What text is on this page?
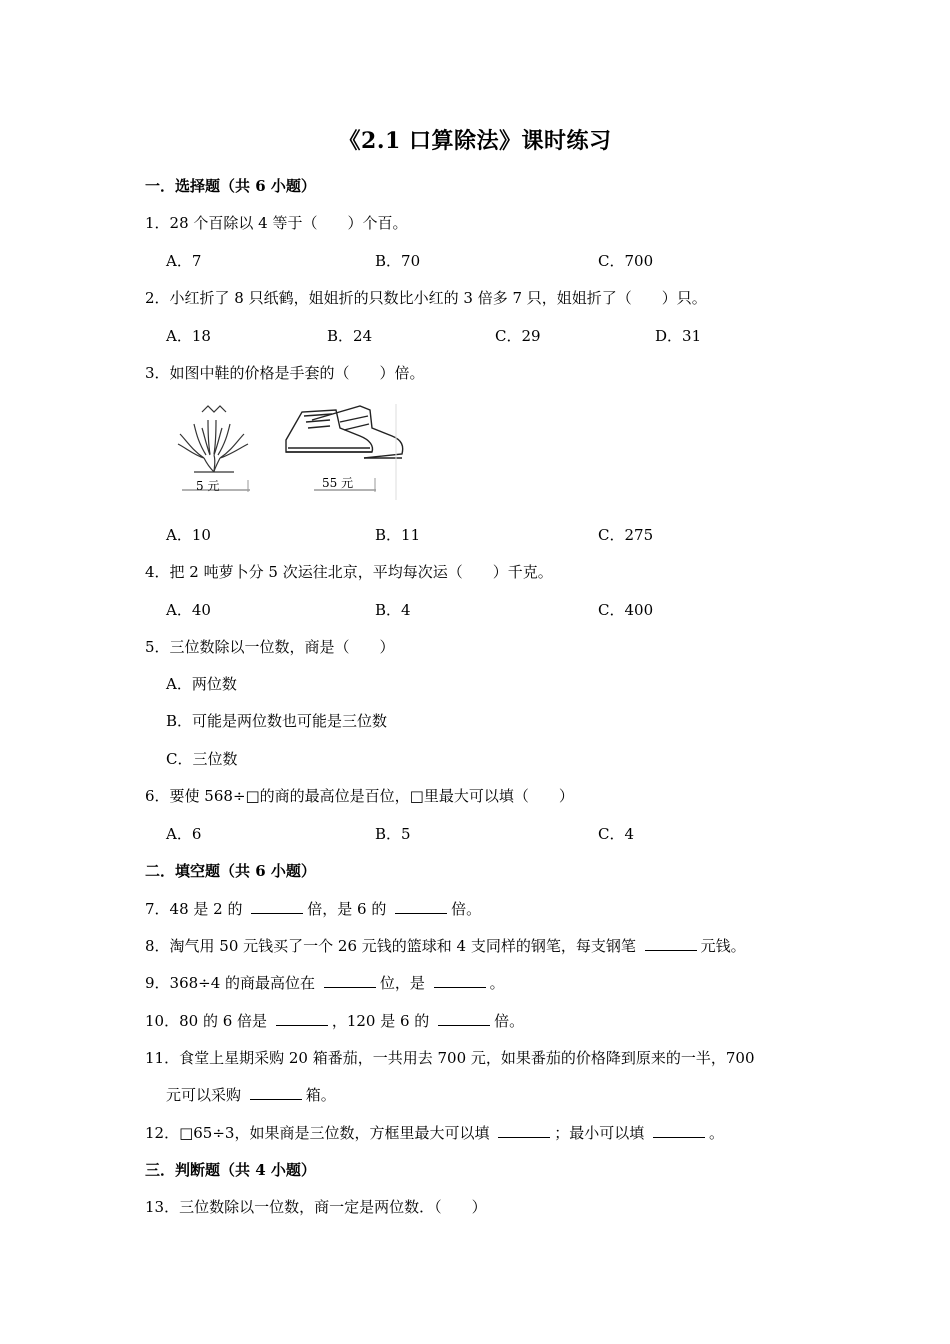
《2.1 口算除法》课时练习
一．选择题（共 6 小题）
1．28 个百除以 4 等于（　　）个百。
A．7	B．70	C．700
2．小红折了 8 只纸鹤，姐姐折的只数比小红的 3 倍多 7 只，姐姐折了（　　）只。
A．18	B．24	C．29	D．31
3．如图中鞋的价格是手套的（　　）倍。
5 元	55 元
A．10	B．11	C．275
4．把 2 吨萝卜分 5 次运往北京，平均每次运（　　）千克。
A．40	B．4	C．400
5．三位数除以一位数，商是（　　）
A．两位数
B．可能是两位数也可能是三位数
C．三位数
6．要使 568÷□的商的最高位是百位，□里最大可以填（　　）
A．6	B．5	C．4
二．填空题（共 6 小题）
7．48 是 2 的	倍，是 6 的	倍。
8．淘气用 50 元钱买了一个 26 元钱的篮球和 4 支同样的钢笔，每支钢笔	元钱。
9．368÷4 的商最高位在	位，是	。
10．80 的 6 倍是	，120 是 6 的	倍。
11．食堂上星期采购 20 箱番茄，一共用去 700 元，如果番茄的价格降到原来的一半，700
元可以采购	箱。
12．□65÷3，如果商是三位数，方框里最大可以填	；最小可以填	。
三．判断题（共 4 小题）
13．三位数除以一位数，商一定是两位数．（　　）
